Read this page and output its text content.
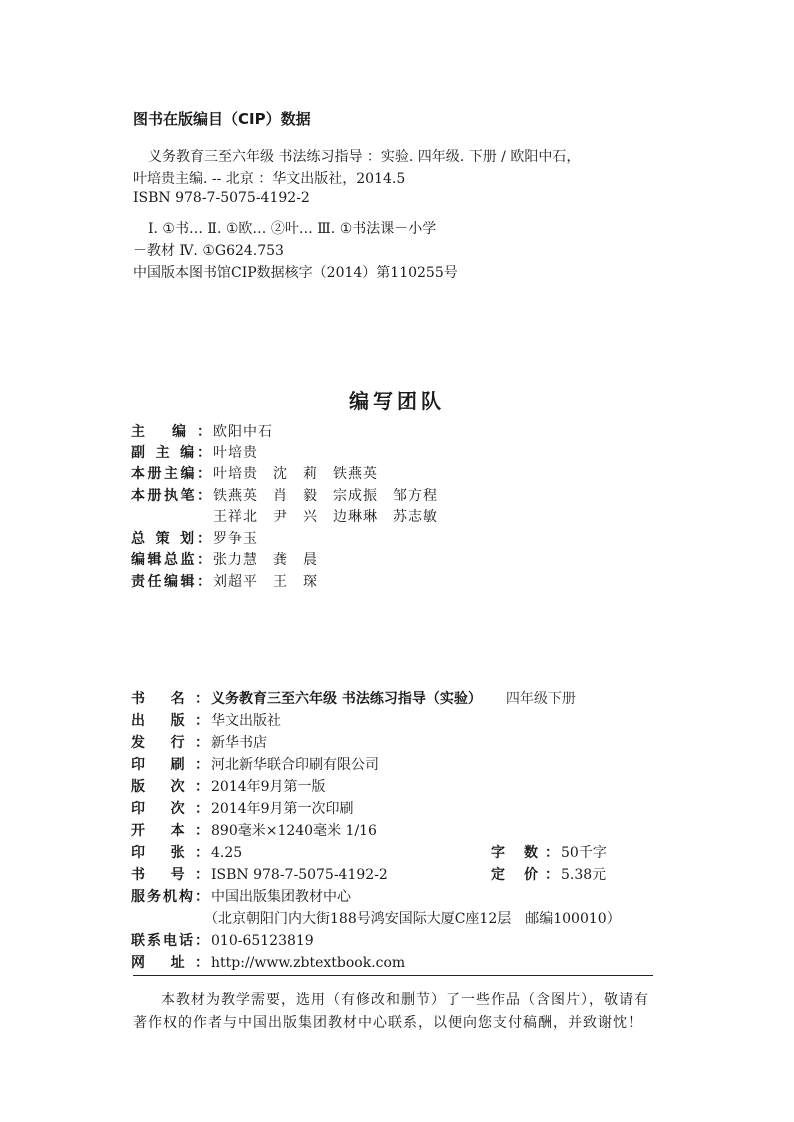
图书在版编目（CIP）数据
义务教育三至六年级 书法练习指导 ：实验. 四年级. 下册 / 欧阳中石，
叶培贵主编. -- 北京 ：华文出版社，2014.5
ISBN 978-7-5075-4192-2
Ⅰ. ①书… Ⅱ. ①欧… ②叶… Ⅲ. ①书法课－小学
－教材 Ⅳ. ①G624.753
中国版本图书馆CIP数据核字（2014）第110255号
编写团队
主 编： 欧阳中石
副 主 编： 叶培贵
本册主编： 叶培贵　沈　莉　铁燕英
本册执笔： 铁燕英　肖　毅　宗成振　邹方程
王祥北　尹　兴　边琳琳　苏志敏
总 策 划： 罗争玉
编辑总监： 张力慧　龚　晨
责任编辑： 刘超平　王　琛
书 名： 义务教育三至六年级 书法练习指导（实验） 四年级下册
出 版： 华文出版社
发 行： 新华书店
印 刷： 河北新华联合印刷有限公司
版 次： 2014年9月第一版
印 次： 2014年9月第一次印刷
开 本： 890毫米×1240毫米 1/16
印 张： 4.25	字 数： 50千字
书 号： ISBN 978-7-5075-4192-2	定 价： 5.38元
服务机构： 中国出版集团教材中心
（北京朝阳门内大街188号鸿安国际大厦C座12层　邮编100010）
联系电话： 010-65123819
网 址： http://www.zbtextbook.com
本教材为教学需要，选用（有修改和删节）了一些作品（含图片），敬请有著作权的作者与中国出版集团教材中心联系，以便向您支付稿酬，并致谢忱！
